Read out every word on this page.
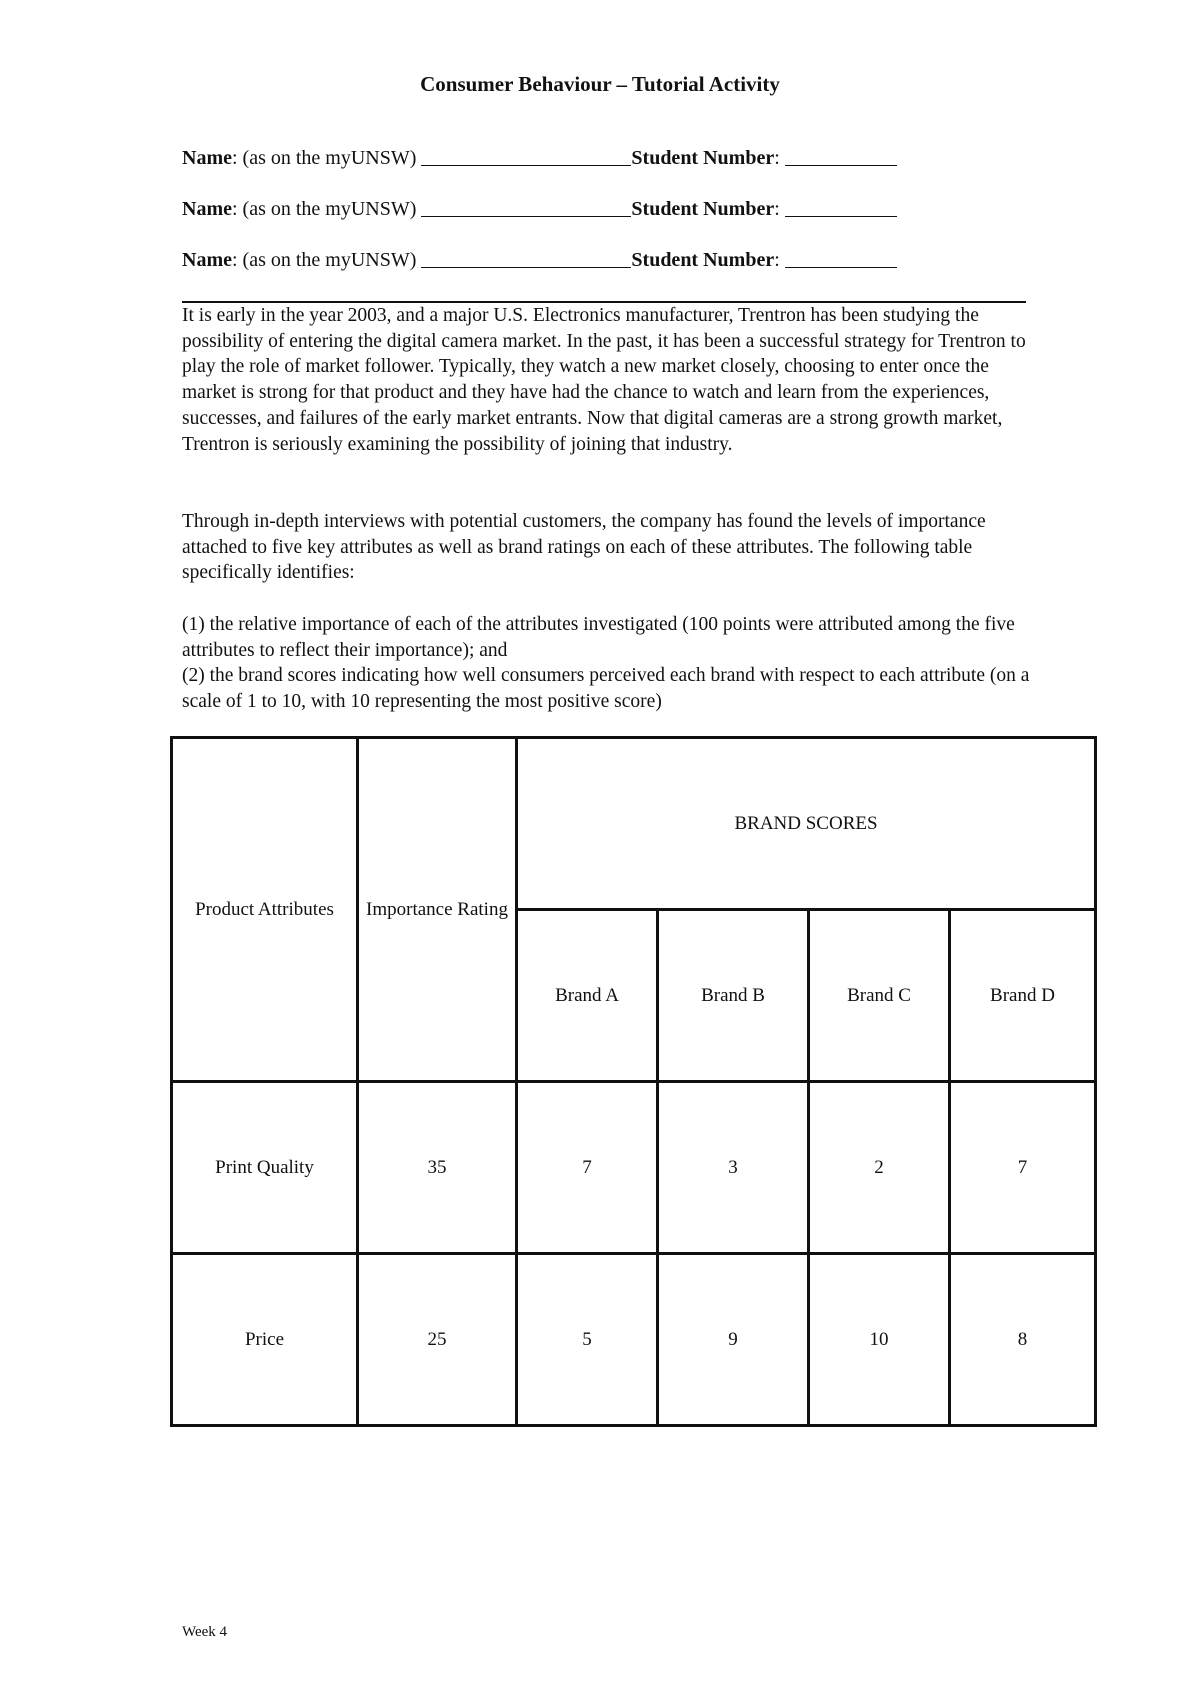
Consumer Behaviour – Tutorial Activity
Name: (as on the myUNSW)	Student Number:
Name: (as on the myUNSW)	Student Number:
Name: (as on the myUNSW)	Student Number:

It is early in the year 2003, and a major U.S. Electronics manufacturer, Trentron has been studying the possibility of entering the digital camera market. In the past, it has been a successful strategy for Trentron to play the role of market follower. Typically, they watch a new market closely, choosing to enter once the market is strong for that product and they have had the chance to watch and learn from the experiences, successes, and failures of the early market entrants. Now that digital cameras are a strong growth market, Trentron is seriously examining the possibility of joining that industry.

Through in-depth interviews with potential customers, the company has found the levels of importance attached to five key attributes as well as brand ratings on each of these attributes. The following table specifically identifies:

(1) the relative importance of each of the attributes investigated (100 points were attributed among the five attributes to reflect their importance); and

(2) the brand scores indicating how well consumers perceived each brand with respect to each attribute (on a scale of 1 to 10, with 10 representing the most positive score)

Product Attributes	Importance Rating	BRAND SCORES			
		Brand A	Brand B	Brand C	Brand D
Print Quality	35	7	3	2	7
Price	25	5	9	10	8
Week 4
